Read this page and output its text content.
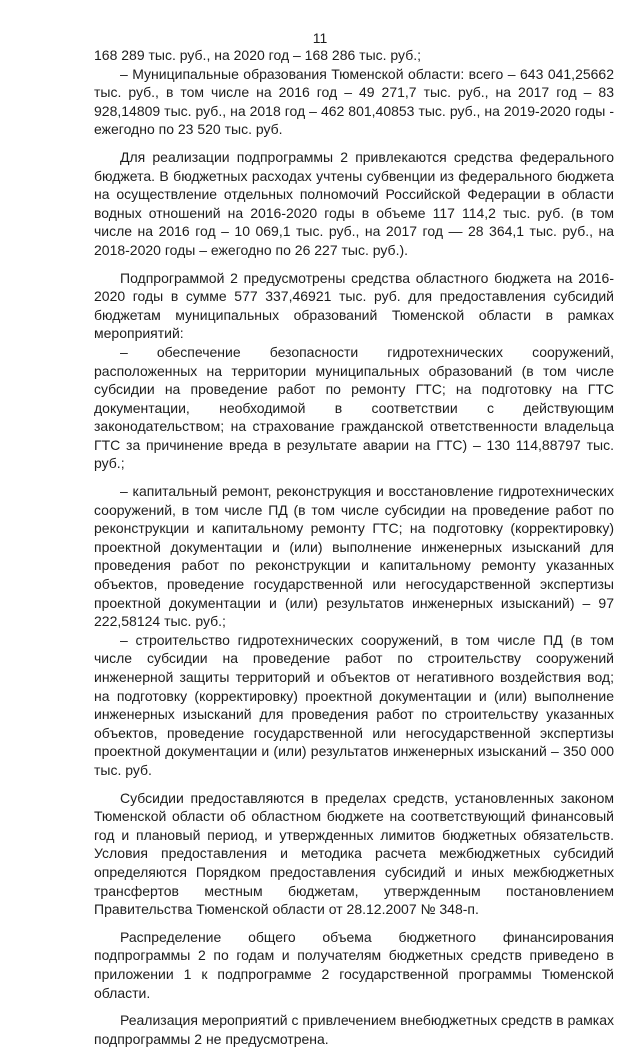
11

168 289 тыс. руб., на 2020 год – 168 286 тыс. руб.;

– Муниципальные образования Тюменской области: всего – 643 041,25662 тыс. руб., в том числе на 2016 год – 49 271,7 тыс. руб., на 2017 год – 83 928,14809 тыс. руб., на 2018 год – 462 801,40853 тыс. руб., на 2019-2020 годы - ежегодно по 23 520 тыс. руб.

Для реализации подпрограммы 2 привлекаются средства федерального бюджета. В бюджетных расходах учтены субвенции из федерального бюджета на осуществление отдельных полномочий Российской Федерации в области водных отношений на 2016-2020 годы в объеме 117 114,2 тыс. руб. (в том числе на 2016 год – 10 069,1 тыс. руб., на 2017 год — 28 364,1 тыс. руб., на 2018-2020 годы – ежегодно по 26 227 тыс. руб.).

Подпрограммой 2 предусмотрены средства областного бюджета на 2016-2020 годы в сумме 577 337,46921 тыс. руб. для предоставления субсидий бюджетам муниципальных образований Тюменской области в рамках мероприятий:

– обеспечение безопасности гидротехнических сооружений, расположенных на территории муниципальных образований (в том числе субсидии на проведение работ по ремонту ГТС; на подготовку на ГТС документации, необходимой в соответствии с действующим законодательством; на страхование гражданской ответственности владельца ГТС за причинение вреда в результате аварии на ГТС) – 130 114,88797 тыс. руб.;

– капитальный ремонт, реконструкция и восстановление гидротехнических сооружений, в том числе ПД (в том числе субсидии на проведение работ по реконструкции и капитальному ремонту ГТС; на подготовку (корректировку) проектной документации и (или) выполнение инженерных изысканий для проведения работ по реконструкции и капитальному ремонту указанных объектов, проведение государственной или негосударственной экспертизы проектной документации и (или) результатов инженерных изысканий) – 97 222,58124 тыс. руб.;

– строительство гидротехнических сооружений, в том числе ПД (в том числе субсидии на проведение работ по строительству сооружений инженерной защиты территорий и объектов от негативного воздействия вод; на подготовку (корректировку) проектной документации и (или) выполнение инженерных изысканий для проведения работ по строительству указанных объектов, проведение государственной или негосударственной экспертизы проектной документации и (или) результатов инженерных изысканий – 350 000 тыс. руб.

Субсидии предоставляются в пределах средств, установленных законом Тюменской области об областном бюджете на соответствующий финансовый год и плановый период, и утвержденных лимитов бюджетных обязательств. Условия предоставления и методика расчета межбюджетных субсидий определяются Порядком предоставления субсидий и иных межбюджетных трансфертов местным бюджетам, утвержденным постановлением Правительства Тюменской области от 28.12.2007 № 348-п.

Распределение общего объема бюджетного финансирования подпрограммы 2 по годам и получателям бюджетных средств приведено в приложении 1 к подпрограмме 2 государственной программы Тюменской области.

Реализация мероприятий с привлечением внебюджетных средств в рамках подпрограммы 2 не предусмотрена.
